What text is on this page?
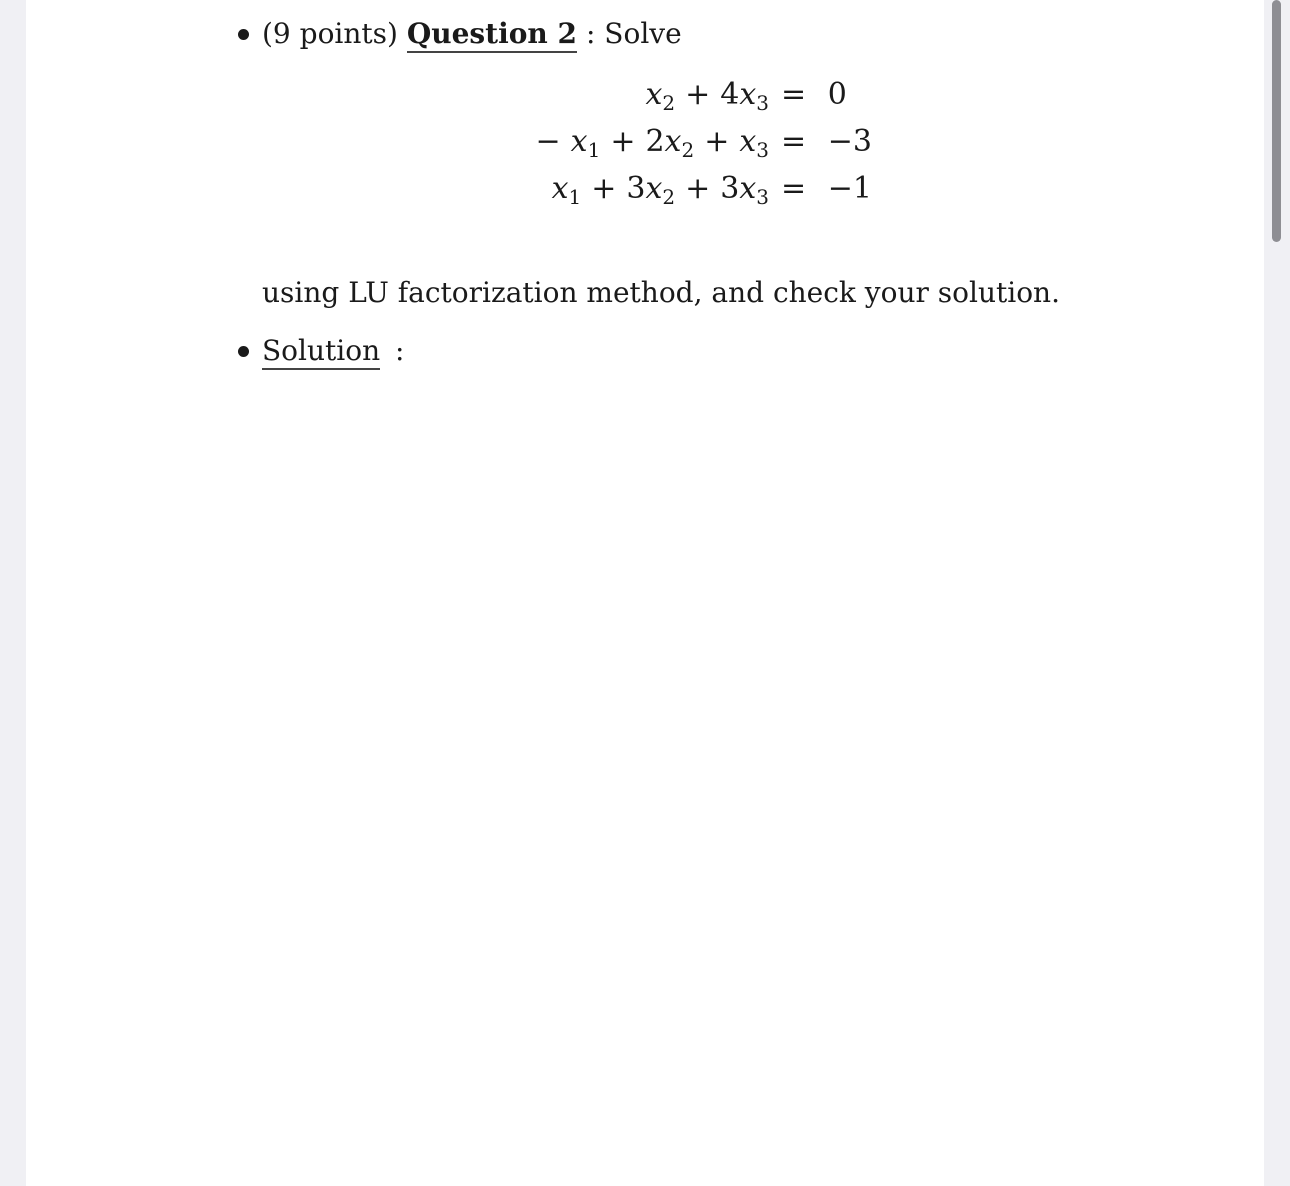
(9 points) Question 2 : Solve
$x_2 + 4x_3 = 0$
− $x_1 + 2x_2 + x_3 = -3$
$x_1 + 3x_2 + 3x_3 = -1$
using LU factorization method, and check your solution.
Solution :
